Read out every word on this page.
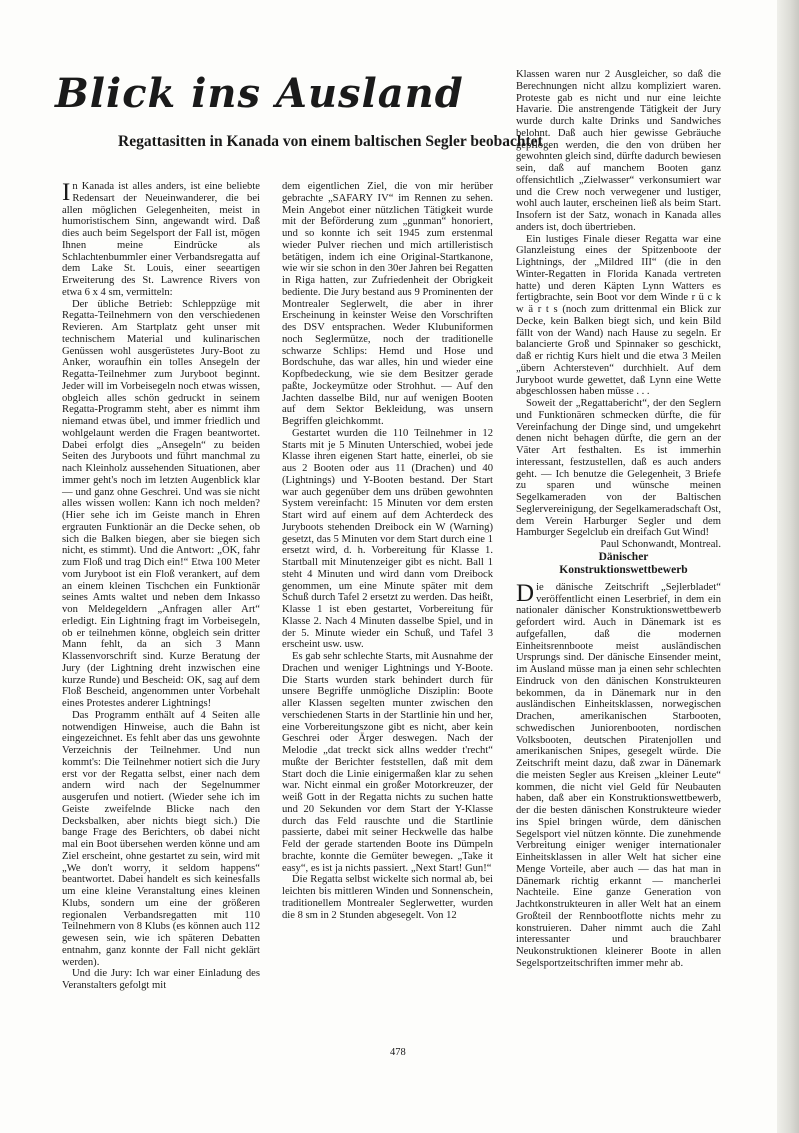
Blick ins Ausland
Regattasitten in Kanada von einem baltischen Segler beobachtet

In Kanada ist alles anders, ist eine beliebte Redensart der Neueinwanderer, die bei allen möglichen Gelegenheiten, meist in humoristischem Sinn, angewandt wird. Daß dies auch beim Segelsport der Fall ist, mögen Ihnen meine Eindrücke als Schlachtenbummler einer Verbandsregatta auf dem Lake St. Louis, einer seeartigen Erweiterung des St. Lawrence Rivers von etwa 6 x 4 sm, vermitteln:

Der übliche Betrieb: Schleppzüge mit Regatta-Teilnehmern von den verschiedenen Revieren. Am Startplatz geht unser mit technischem Material und kulinarischen Genüssen wohl ausgerüstetes Jury-Boot zu Anker, woraufhin ein tolles Ansegeln der Regatta-Teilnehmer zum Juryboot beginnt. Jeder will im Vorbeisegeln noch etwas wissen, obgleich alles schön gedruckt in seinem Regatta-Programm steht, aber es nimmt ihm niemand etwas übel, und immer friedlich und wohlgelaunt werden die Fragen beantwortet. Dabei erfolgt dies „Ansegeln“ zu beiden Seiten des Juryboots und führt manchmal zu nach Kleinholz aussehenden Situationen, aber immer geht's noch im letzten Augenblick klar — und ganz ohne Geschrei. Und was sie nicht alles wissen wollen: Kann ich noch melden? (Hier sehe ich im Geiste manch in Ehren ergrauten Funktionär an die Decke sehen, ob sich die Balken biegen, aber sie biegen sich nicht, es stimmt). Und die Antwort: „OK, fahr zum Floß und trag Dich ein!“ Etwa 100 Meter vom Juryboot ist ein Floß verankert, auf dem an einem kleinen Tischchen ein Funktionär seines Amts waltet und neben dem Inkasso von Meldegeldern „Anfragen aller Art“ erledigt. Ein Lightning fragt im Vorbeisegeln, ob er teilnehmen könne, obgleich sein dritter Mann fehlt, da an sich 3 Mann Klassenvorschrift sind. Kurze Beratung der Jury (der Lightning dreht inzwischen eine kurze Runde) und Bescheid: OK, sag auf dem Floß Bescheid, angenommen unter Vorbehalt eines Protestes anderer Lightnings!

Das Programm enthält auf 4 Seiten alle notwendigen Hinweise, auch die Bahn ist eingezeichnet. Es fehlt aber das uns gewohnte Verzeichnis der Teilnehmer. Und nun kommt's: Die Teilnehmer notiert sich die Jury erst vor der Regatta selbst, einer nach dem andern wird nach der Segelnummer ausgerufen und notiert. (Wieder sehe ich im Geiste zweifelnde Blicke nach den Decksbalken, aber nichts biegt sich.) Die bange Frage des Berichters, ob dabei nicht mal ein Boot übersehen werden könne und am Ziel erscheint, ohne gestartet zu sein, wird mit „We don't worry, it seldom happens“ beantwortet. Dabei handelt es sich keinesfalls um eine kleine Veranstaltung eines kleinen Klubs, sondern um eine der größeren regionalen Verbandsregatten mit 110 Teilnehmern von 8 Klubs (es können auch 112 gewesen sein, wie ich späteren Debatten entnahm, ganz konnte der Fall nicht geklärt werden).

Und die Jury: Ich war einer Einladung des Veranstalters gefolgt mit

dem eigentlichen Ziel, die von mir herüber gebrachte „SAFARY IV“ im Rennen zu sehen. Mein Angebot einer nützlichen Tätigkeit wurde mit der Beförderung zum „gunman“ honoriert, und so konnte ich seit 1945 zum erstenmal wieder Pulver riechen und mich artilleristisch betätigen, indem ich eine Original-Startkanone, wie wir sie schon in den 30er Jahren bei Regatten in Riga hatten, zur Zufriedenheit der Obrigkeit bediente. Die Jury bestand aus 9 Prominenten der Montrealer Seglerwelt, die aber in ihrer Erscheinung in keinster Weise den Vorschriften des DSV entsprachen. Weder Klubuniformen noch Seglermütze, noch der traditionelle schwarze Schlips: Hemd und Hose und Bordschuhe, das war alles, hin und wieder eine Kopfbedeckung, wie sie dem Besitzer gerade paßte, Jockeymütze oder Strohhut. — Auf den Jachten dasselbe Bild, nur auf wenigen Booten auf dem Sektor Bekleidung, was unsern Begriffen gleichkommt.

Gestartet wurden die 110 Teilnehmer in 12 Starts mit je 5 Minuten Unterschied, wobei jede Klasse ihren eigenen Start hatte, einerlei, ob sie aus 2 Booten oder aus 11 (Drachen) und 40 (Lightnings) und Y-Booten bestand. Der Start war auch gegenüber dem uns drüben gewohnten System vereinfacht: 15 Minuten vor dem ersten Start wird auf einem auf dem Achterdeck des Juryboots stehenden Dreibock ein W (Warning) gesetzt, das 5 Minuten vor dem Start durch eine 1 ersetzt wird, d. h. Vorbereitung für Klasse 1. Startball mit Minutenzeiger gibt es nicht. Ball 1 steht 4 Minuten und wird dann vom Dreibock genommen, um eine Minute später mit dem Schuß durch Tafel 2 ersetzt zu werden. Das heißt, Klasse 1 ist eben gestartet, Vorbereitung für Klasse 2. Nach 4 Minuten dasselbe Spiel, und in der 5. Minute wieder ein Schuß, und Tafel 3 erscheint usw. usw.

Es gab sehr schlechte Starts, mit Ausnahme der Drachen und weniger Lightnings und Y-Boote. Die Starts wurden stark behindert durch für unsere Begriffe unmögliche Disziplin: Boote aller Klassen segelten munter zwischen den verschiedenen Starts in der Startlinie hin und her, eine Vorbereitungszone gibt es nicht, aber kein Geschrei oder Ärger deswegen. Nach der Melodie „dat treckt sick allns wedder t'recht“ mußte der Berichter feststellen, daß mit dem Start doch die Linie einigermaßen klar zu sehen war. Nicht einmal ein großer Motorkreuzer, der weiß Gott in der Regatta nichts zu suchen hatte und 20 Sekunden vor dem Start der Y-Klasse durch das Feld rauschte und die Startlinie passierte, dabei mit seiner Heckwelle das halbe Feld der gerade startenden Boote ins Dümpeln brachte, konnte die Gemüter bewegen. „Take it easy“, es ist ja nichts passiert. „Next Start! Gun!“

Die Regatta selbst wickelte sich normal ab, bei leichten bis mittleren Winden und Sonnenschein, traditionellem Montrealer Seglerwetter, wurden die 8 sm in 2 Stunden abgesegelt. Von 12

Klassen waren nur 2 Ausgleicher, so daß die Berechnungen nicht allzu kompliziert waren. Proteste gab es nicht und nur eine leichte Havarie. Die anstrengende Tätigkeit der Jury wurde durch kalte Drinks und Sandwiches belohnt. Daß auch hier gewisse Gebräuche gepflogen werden, die den von drüben her gewohnten gleich sind, dürfte dadurch bewiesen sein, daß auf manchem Booten ganz offensichtlich „Zielwasser“ verkonsumiert war und die Crew noch verwegener und lustiger, wohl auch lauter, erscheinen ließ als beim Start. Insofern ist der Satz, wonach in Kanada alles anders ist, doch übertrieben.

Ein lustiges Finale dieser Regatta war eine Glanzleistung eines der Spitzenboote der Lightnings, der „Mildred III“ (die in den Winter-Regatten in Florida Kanada vertreten hatte) und deren Käpten Lynn Watters es fertigbrachte, sein Boot vor dem Winde r ü c k w ä r t s (noch zum drittenmal ein Blick zur Decke, kein Balken biegt sich, und kein Bild fällt von der Wand) nach Hause zu segeln. Er balancierte Groß und Spinnaker so geschickt, daß er richtig Kurs hielt und die etwa 3 Meilen „übern Achtersteven“ durchhielt. Auf dem Juryboot wurde gewettet, daß Lynn eine Wette abgeschlossen haben müsse . . .

Soweit der „Regattabericht“, der den Seglern und Funktionären schmecken dürfte, die für Vereinfachung der Dinge sind, und umgekehrt denen nicht behagen dürfte, die gern an der Väter Art festhalten. Es ist immerhin interessant, festzustellen, daß es auch anders geht. — Ich benutze die Gelegenheit, 3 Briefe zu sparen und wünsche meinen Segelkameraden von der Baltischen Seglervereinigung, der Segelkameradschaft Ost, dem Verein Harburger Segler und dem Hamburger Segelclub ein dreifach Gut Wind!

Paul Schonwandt, Montreal.

Dänischer

Konstruktionswettbewerb

Die dänische Zeitschrift „Sejlerbladet“ veröffentlicht einen Leserbrief, in dem ein nationaler dänischer Konstruktionswettbewerb gefordert wird. Auch in Dänemark ist es aufgefallen, daß die modernen Einheitsrennboote meist ausländischen Ursprungs sind. Der dänische Einsender meint, im Ausland müsse man ja einen sehr schlechten Eindruck von den dänischen Konstrukteuren bekommen, da in Dänemark nur in den ausländischen Einheitsklassen, norwegischen Drachen, amerikanischen Starbooten, schwedischen Juniorenbooten, nordischen Volksbooten, deutschen Piratenjollen und amerikanischen Snipes, gesegelt würde. Die Zeitschrift meint dazu, daß zwar in Dänemark die meisten Segler aus Kreisen „kleiner Leute“ kommen, die nicht viel Geld für Neubauten haben, daß aber ein Konstruktionswettbewerb, der die besten dänischen Konstrukteure wieder ins Spiel bringen würde, dem dänischen Segelsport viel nützen könnte. Die zunehmende Verbreitung einiger weniger internationaler Einheitsklassen in aller Welt hat sicher eine Menge Vorteile, aber auch — das hat man in Dänemark richtig erkannt — mancherlei Nachteile. Eine ganze Generation von Jachtkonstrukteuren in aller Welt hat an einem Großteil der Rennbootflotte nichts mehr zu konstruieren. Daher nimmt auch die Zahl interessanter und brauchbarer Neukonstruktionen kleinerer Boote in allen Segelsportzeitschriften immer mehr ab.

478
